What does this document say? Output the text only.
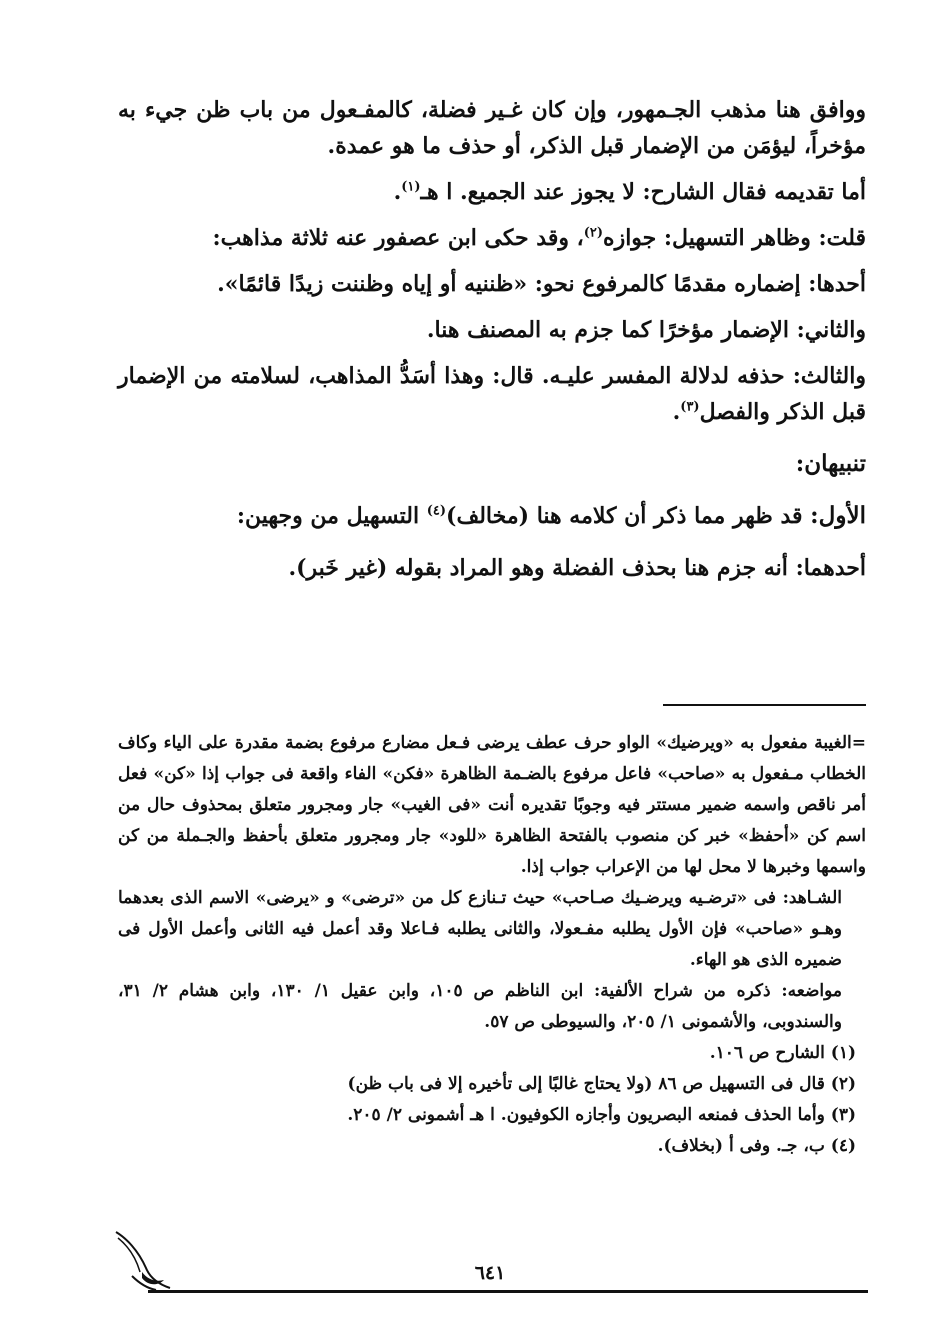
ووافق هنا مذهب الجـمهور، وإن كان غـير فضلة، كالمفـعول من باب ظن جيء به مؤخراً، ليؤمَن من الإضمار قبل الذكر، أو حذف ما هو عمدة.

أما تقديمه فقال الشارح: لا يجوز عند الجميع. ا هـ$^{(١)}$.

قلت: وظاهر التسهيل: جوازه$^{(٢)}$، وقد حكى ابن عصفور عنه ثلاثة مذاهب:

أحدها: إضماره مقدمًا كالمرفوع نحو: «ظننيه أو إياه وظننت زيدًا قائمًا».

والثاني: الإضمار مؤخرًا كما جزم به المصنف هنا.

والثالث: حذفه لدلالة المفسر عليـه. قال: وهذا أسَدُّ المذاهب، لسلامته من الإضمار قبل الذكر والفصل$^{(٣)}$.

تنبيهان:

الأول: قد ظهر مما ذكر أن كلامه هنا (مخالف)$^{(٤)}$ التسهيل من وجهين:

أحدهما: أنه جزم هنا بحذف الفضلة وهو المراد بقوله (غير خَبر).

=الغيبة مفعول به «ويرضيك» الواو حرف عطف يرضى فـعل مضارع مرفوع بضمة مقدرة على الياء وكاف الخطاب مـفعول به «صاحب» فاعل مرفوع بالضـمة الظاهرة «فكن» الفاء واقعة فى جواب إذا «كن» فعل أمر ناقص واسمه ضمير مستتر فيه وجوبًا تقديره أنت «فى الغيب» جار ومجرور متعلق بمحذوف حال من اسم كن «أحفظ» خبر كن منصوب بالفتحة الظاهرة «للود» جار ومجرور متعلق بأحفظ والجـملة من كن واسمها وخبرها لا محل لها من الإعراب جواب إذا.

الشـاهد: فى «ترضـيه ويرضـيك صـاحب» حيث تـنازع كل من «ترضى» و «يرضى» الاسم الذى بعدهما وهـو «صاحب» فإن الأول يطلبه مفـعولا، والثانى يطلبه فـاعلا وقد أعمل فيه الثانى وأعمل الأول فى ضميره الذى هو الهاء.

مواضعه: ذكره من شراح الألفية: ابن الناظم ص ١٠٥، وابن عقيل ١/ ١٣٠، وابن هشام ٢/ ٣١، والسندوبى، والأشمونى ١/ ٢٠٥، والسيوطى ص ٥٧.

(١) الشارح ص ١٠٦.

(٢) قال فى التسهيل ص ٨٦ (ولا يحتاج غالبًا إلى تأخيره إلا فى باب ظن)

(٣) وأما الحذف فمنعه البصريون وأجازه الكوفيون. ا هـ أشمونى ٢/ ٢٠٥.

(٤) ب، جـ. وفى أ (بخلاف).

٦٤١
